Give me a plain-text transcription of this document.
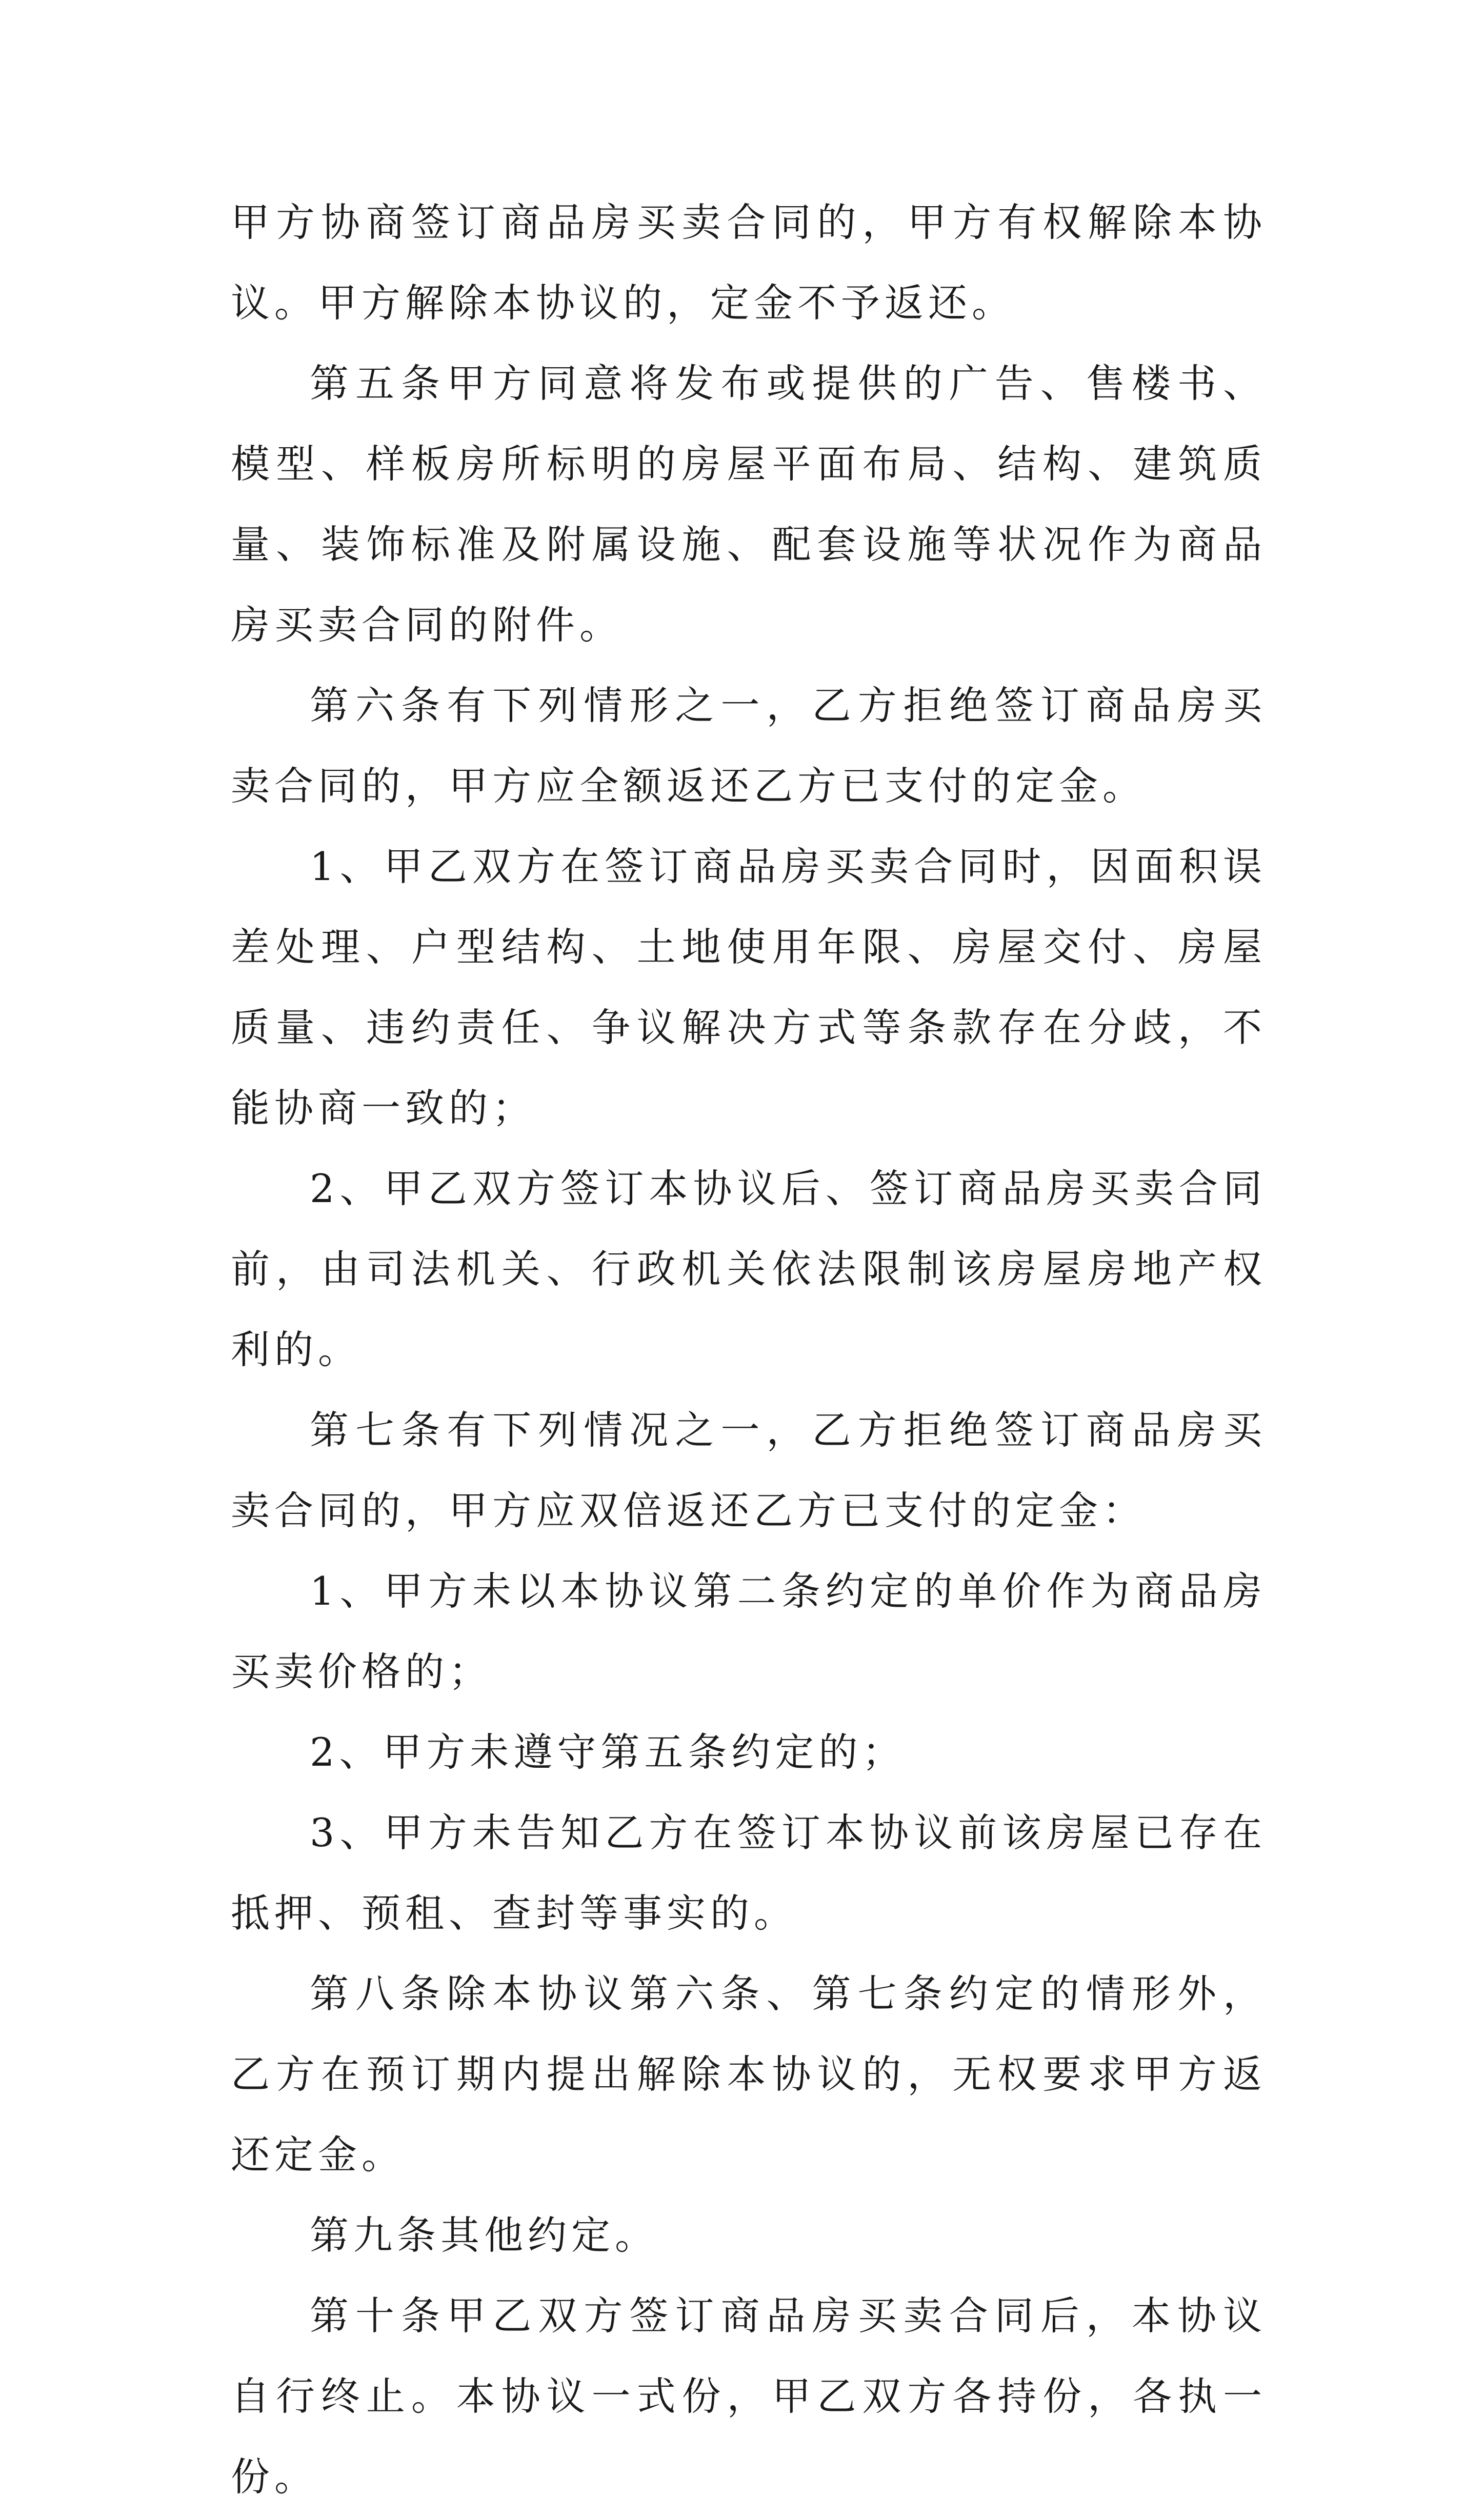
甲方协商签订商品房买卖合同的，甲方有权解除本协议。甲方解除本协议的，定金不予返还。

第五条甲方同意将发布或提供的广告、售楼书、模型、样板房所标明的房屋平面布局、结构、建筑质量、装饰标准及附属设施、配套设施等状况作为商品房买卖合同的附件。

第六条有下列情形之一，乙方拒绝签订商品房买卖合同的，甲方应全额返还乙方已支付的定金。

1、甲乙双方在签订商品房买卖合同时，因面积误差处理、户型结构、土地使用年限、房屋交付、房屋质量、违约责任、争议解决方式等条款存在分歧，不能协商一致的；

2、甲乙双方签订本协议后、签订商品房买卖合同前，由司法机关、行政机关依法限制该房屋房地产权利的。

第七条有下列情况之一，乙方拒绝签订商品房买卖合同的，甲方应双倍返还乙方已支付的定金：

1、甲方未以本协议第二条约定的单价作为商品房买卖价格的；

2、甲方未遵守第五条约定的；

3、甲方未告知乙方在签订本协议前该房屋已存在抵押、预租、查封等事实的。

第八条除本协议第六条、第七条约定的情形外，乙方在预订期内提出解除本协议的，无权要求甲方返还定金。

第九条其他约定。

第十条甲乙双方签订商品房买卖合同后，本协议自行终止。本协议一式份，甲乙双方各持份，各执一份。
